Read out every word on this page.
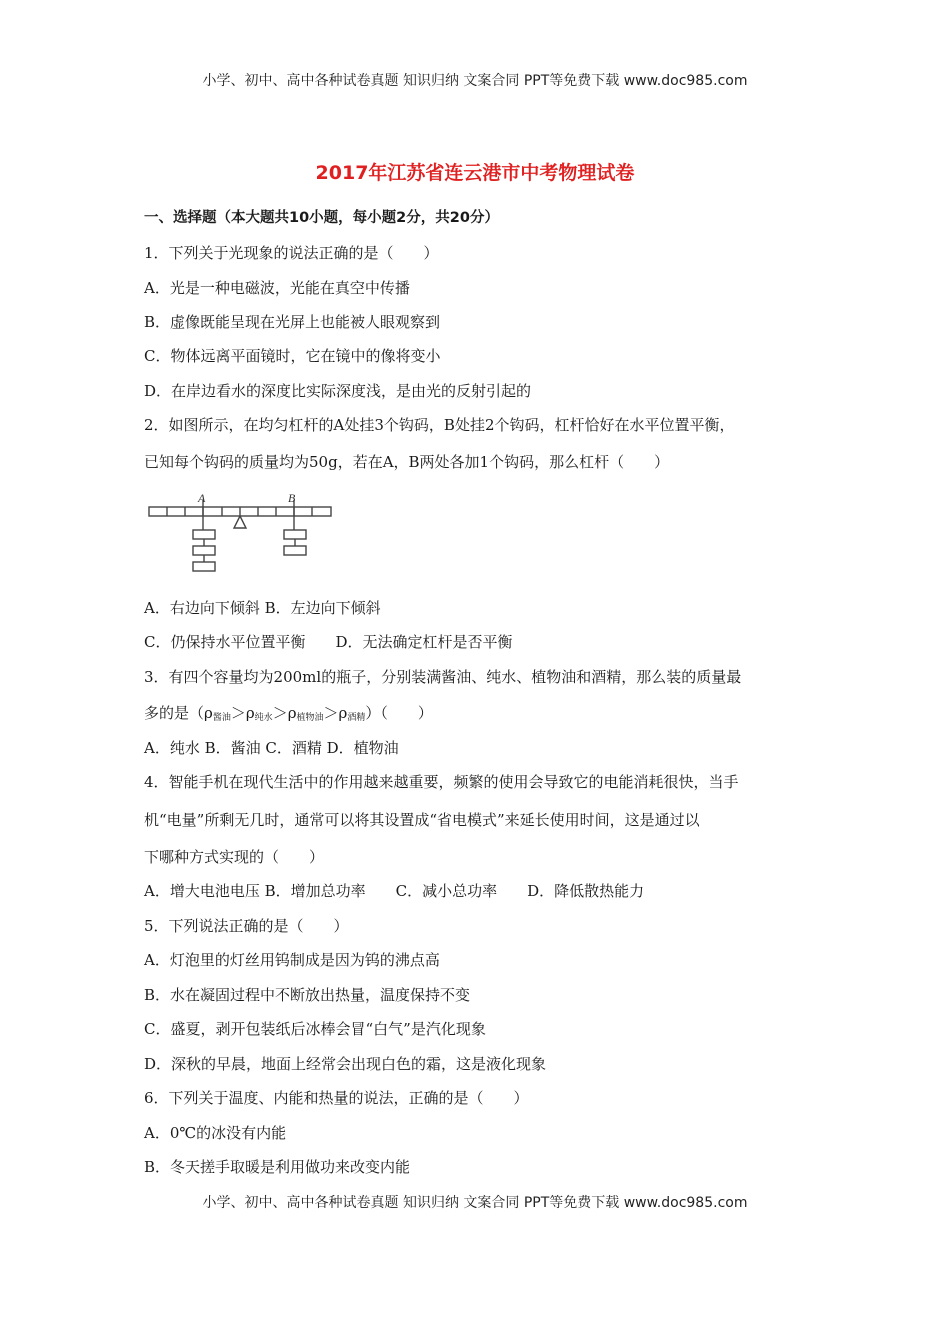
小学、初中、高中各种试卷真题 知识归纳 文案合同 PPT等免费下载 www.doc985.com
2017年江苏省连云港市中考物理试卷
一、选择题（本大题共10小题，每小题2分，共20分）
1．下列关于光现象的说法正确的是（　　）
A．光是一种电磁波，光能在真空中传播
B．虚像既能呈现在光屏上也能被人眼观察到
C．物体远离平面镜时，它在镜中的像将变小
D．在岸边看水的深度比实际深度浅，是由光的反射引起的
2．如图所示，在均匀杠杆的A处挂3个钩码，B处挂2个钩码，杠杆恰好在水平位置平衡，
已知每个钩码的质量均为50g，若在A，B两处各加1个钩码，那么杠杆（　　）
A	B
A．右边向下倾斜 B．左边向下倾斜
C．仍保持水平位置平衡　　D．无法确定杠杆是否平衡
3．有四个容量均为200ml的瓶子，分别装满酱油、纯水、植物油和酒精，那么装的质量最
多的是$(\rho_{酱油}>\rho_{纯水}>\rho_{植物油}>\rho_{酒精})$（　　）
A．纯水 B．酱油 C．酒精 D．植物油
4．智能手机在现代生活中的作用越来越重要，频繁的使用会导致它的电能消耗很快，当手
机“电量”所剩无几时，通常可以将其设置成“省电模式”来延长使用时间，这是通过以
下哪种方式实现的（　　）
A．增大电池电压 B．增加总功率　　C．减小总功率　　D．降低散热能力
5．下列说法正确的是（　　）
A．灯泡里的灯丝用钨制成是因为钨的沸点高
B．水在凝固过程中不断放出热量，温度保持不变
C．盛夏，剥开包装纸后冰棒会冒“白气”是汽化现象
D．深秋的早晨，地面上经常会出现白色的霜，这是液化现象
6．下列关于温度、内能和热量的说法，正确的是（　　）
A．0℃的冰没有内能
B．冬天搓手取暖是利用做功来改变内能
小学、初中、高中各种试卷真题 知识归纳 文案合同 PPT等免费下载 www.doc985.com
